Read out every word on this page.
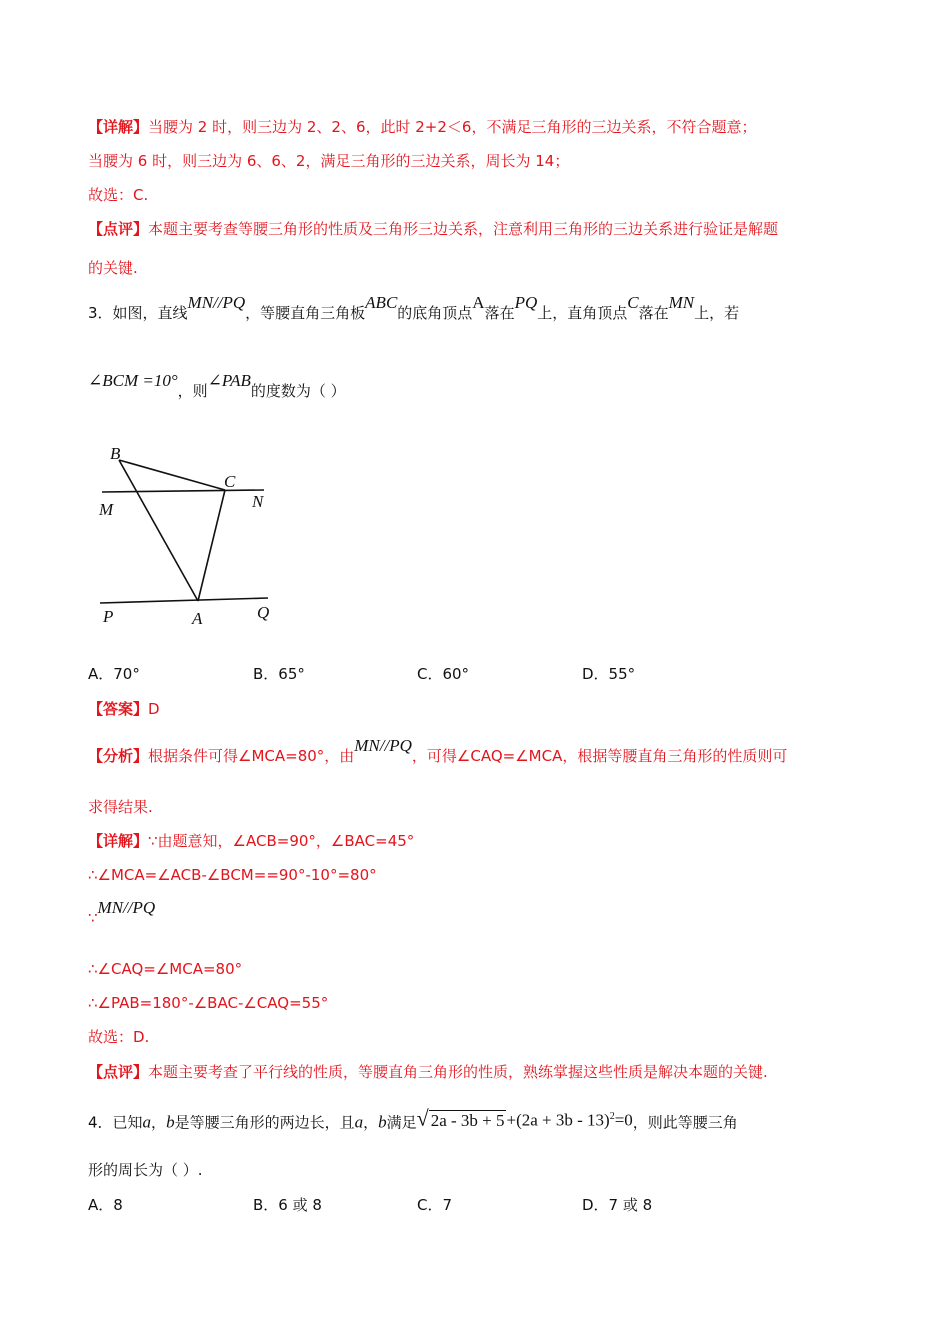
【详解】当腰为 2 时，则三边为 2、2、6，此时 2+2＜6，不满足三角形的三边关系，不符合题意；
当腰为 6 时，则三边为 6、6、2，满足三角形的三边关系，周长为 14；
故选：C.
【点评】本题主要考查等腰三角形的性质及三角形三边关系，注意利用三角形的三边关系进行验证是解题
的关键.
3．如图，直线MN//PQ，等腰直角三角板ABC的底角顶点A落在PQ上，直角顶点C落在MN上，若
∠BCM =10°，则∠PAB的度数为（ ）
B
C
N
M
P	A	Q
A．70°	B．65°	C．60°	D．55°
【答案】D
【分析】根据条件可得∠MCA=80°，由MN//PQ，可得∠CAQ=∠MCA，根据等腰直角三角形的性质则可
求得结果.
【详解】∵由题意知，∠ACB=90°，∠BAC=45°
∴∠MCA=∠ACB-∠BCM==90°-10°=80°
∵MN//PQ
∴∠CAQ=∠MCA=80°
∴∠PAB=180°-∠BAC-∠CAQ=55°
故选：D.
【点评】本题主要考查了平行线的性质，等腰直角三角形的性质，熟练掌握这些性质是解决本题的关键.
4．已知a，b是等腰三角形的两边长，且a，b满足√ $2a - 3b + 5 +(2a + 3b - 13)^2=0$，则此等腰三角
形的周长为（ ）.
A．8	B．6 或 8	C．7	D．7 或 8
